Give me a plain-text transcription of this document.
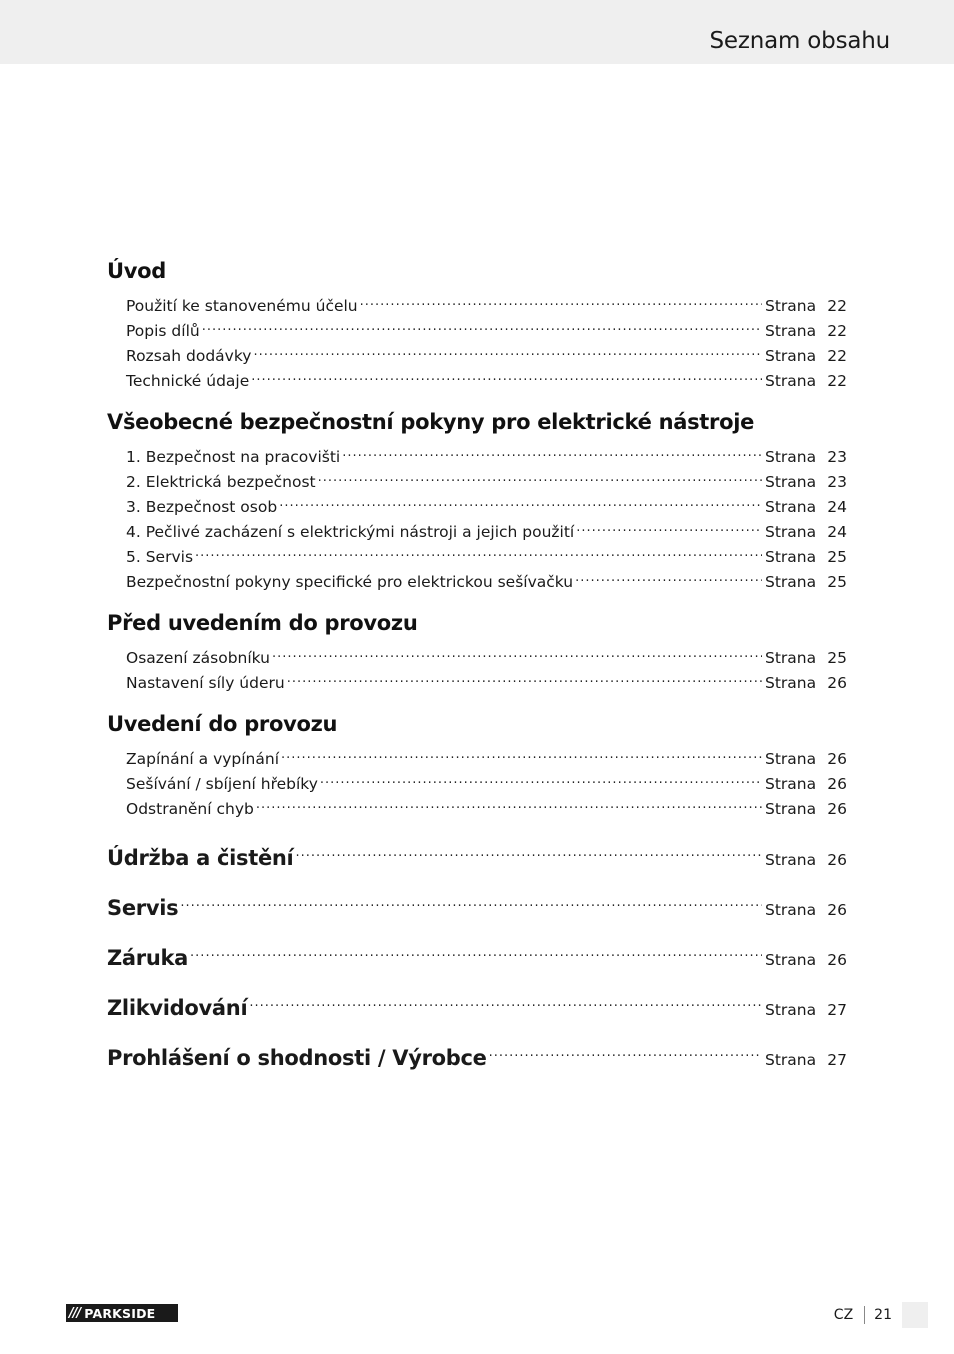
Seznam obsahu
Úvod
Použití ke stanovenému účelu .....	Strana 22
Popis dílů .....	Strana 22
Rozsah dodávky .....	Strana 22
Technické údaje .....	Strana 22
Všeobecné bezpečnostní pokyny pro elektrické nástroje
1. Bezpečnost na pracovišti .....	Strana 23
2. Elektrická bezpečnost .....	Strana 23
3. Bezpečnost osob .....	Strana 24
4. Pečlivé zacházení s elektrickými nástroji a jejich použití .....	Strana 24
5. Servis .....	Strana 25
Bezpečnostní pokyny specifické pro elektrickou sešívačku .....	Strana 25
Před uvedením do provozu
Osazení zásobníku .....	Strana 25
Nastavení síly úderu .....	Strana 26
Uvedení do provozu
Zapínání a vypínání .....	Strana 26
Sešívání / sbíjení hřebíky .....	Strana 26
Odstranění chyb .....	Strana 26
Údržba a čistění .....	Strana 26
Servis .....	Strana 26
Záruka .....	Strana 26
Zlikvidování .....	Strana 27
Prohlášení o shodnosti / Výrobce .....	Strana 27
/// PARKSIDE	CZ 21
